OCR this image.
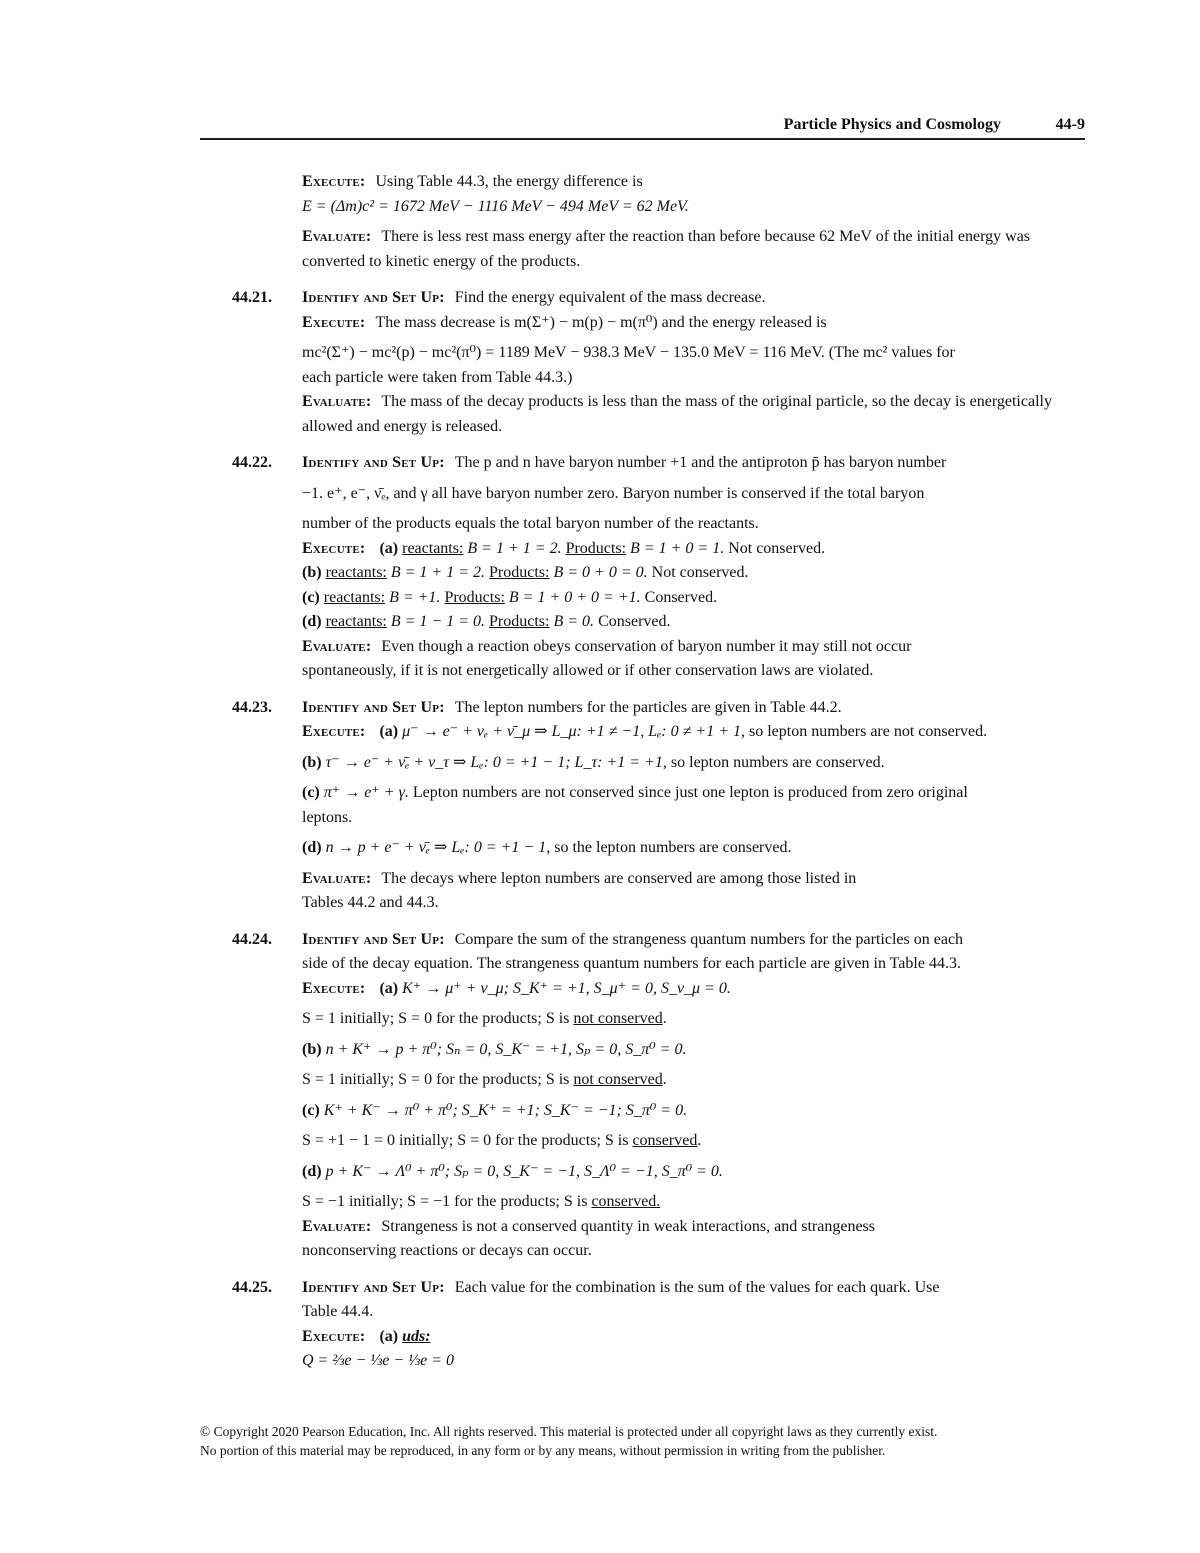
Particle Physics and Cosmology	44-9
Execute: Using Table 44.3, the energy difference is
E = (Δm)c² = 1672 MeV − 1116 MeV − 494 MeV = 62 MeV.
Evaluate: There is less rest mass energy after the reaction than before because 62 MeV of the initial energy was converted to kinetic energy of the products.
44.21. Identify and Set Up: Find the energy equivalent of the mass decrease.
Execute: The mass decrease is m(Σ⁺) − m(p) − m(π⁰) and the energy released is
mc²(Σ⁺) − mc²(p) − mc²(π⁰) = 1189 MeV − 938.3 MeV − 135.0 MeV = 116 MeV. (The mc² values for
each particle were taken from Table 44.3.)
Evaluate: The mass of the decay products is less than the mass of the original particle, so the decay is energetically allowed and energy is released.
44.22. Identify and Set Up: The p and n have baryon number +1 and the antiproton p̄ has baryon number
−1. e⁺, e⁻, ν̄ₑ, and γ all have baryon number zero. Baryon number is conserved if the total baryon
number of the products equals the total baryon number of the reactants.
Execute: (a) reactants: B = 1 + 1 = 2. Products: B = 1 + 0 = 1. Not conserved.
(b) reactants: B = 1 + 1 = 2. Products: B = 0 + 0 = 0. Not conserved.
(c) reactants: B = +1. Products: B = 1 + 0 + 0 = +1. Conserved.
(d) reactants: B = 1 − 1 = 0. Products: B = 0. Conserved.
Evaluate: Even though a reaction obeys conservation of baryon number it may still not occur
spontaneously, if it is not energetically allowed or if other conservation laws are violated.
44.23. Identify and Set Up: The lepton numbers for the particles are given in Table 44.2.
Execute: (a) μ⁻ → e⁻ + νₑ + ν̄_μ ⇒ L_μ: +1 ≠ −1, Lₑ: 0 ≠ +1 + 1, so lepton numbers are not conserved.
(b) τ⁻ → e⁻ + ν̄ₑ + ν_τ ⇒ Lₑ: 0 = +1 − 1; L_τ: +1 = +1, so lepton numbers are conserved.
(c) π⁺ → e⁺ + γ. Lepton numbers are not conserved since just one lepton is produced from zero original
leptons.
(d) n → p + e⁻ + ν̄ₑ ⇒ Lₑ: 0 = +1 − 1, so the lepton numbers are conserved.
Evaluate: The decays where lepton numbers are conserved are among those listed in
Tables 44.2 and 44.3.
44.24. Identify and Set Up: Compare the sum of the strangeness quantum numbers for the particles on each
side of the decay equation. The strangeness quantum numbers for each particle are given in Table 44.3.
Execute: (a) K⁺ → μ⁺ + ν_μ; S_K⁺ = +1, S_μ⁺ = 0, S_ν_μ = 0.
S = 1 initially; S = 0 for the products; S is not conserved.
(b) n + K⁺ → p + π⁰; Sₙ = 0, S_K⁻ = +1, Sₚ = 0, S_π⁰ = 0.
S = 1 initially; S = 0 for the products; S is not conserved.
(c) K⁺ + K⁻ → π⁰ + π⁰; S_K⁺ = +1; S_K⁻ = −1; S_π⁰ = 0.
S = +1 − 1 = 0 initially; S = 0 for the products; S is conserved.
(d) p + K⁻ → Λ⁰ + π⁰; Sₚ = 0, S_K⁻ = −1, S_Λ⁰ = −1, S_π⁰ = 0.
S = −1 initially; S = −1 for the products; S is conserved.
Evaluate: Strangeness is not a conserved quantity in weak interactions, and strangeness
nonconserving reactions or decays can occur.
44.25. Identify and Set Up: Each value for the combination is the sum of the values for each quark. Use
Table 44.4.
Execute: (a) uds:
Q = ⅔e − ⅓e − ⅓e = 0
© Copyright 2020 Pearson Education, Inc. All rights reserved. This material is protected under all copyright laws as they currently exist.
No portion of this material may be reproduced, in any form or by any means, without permission in writing from the publisher.
